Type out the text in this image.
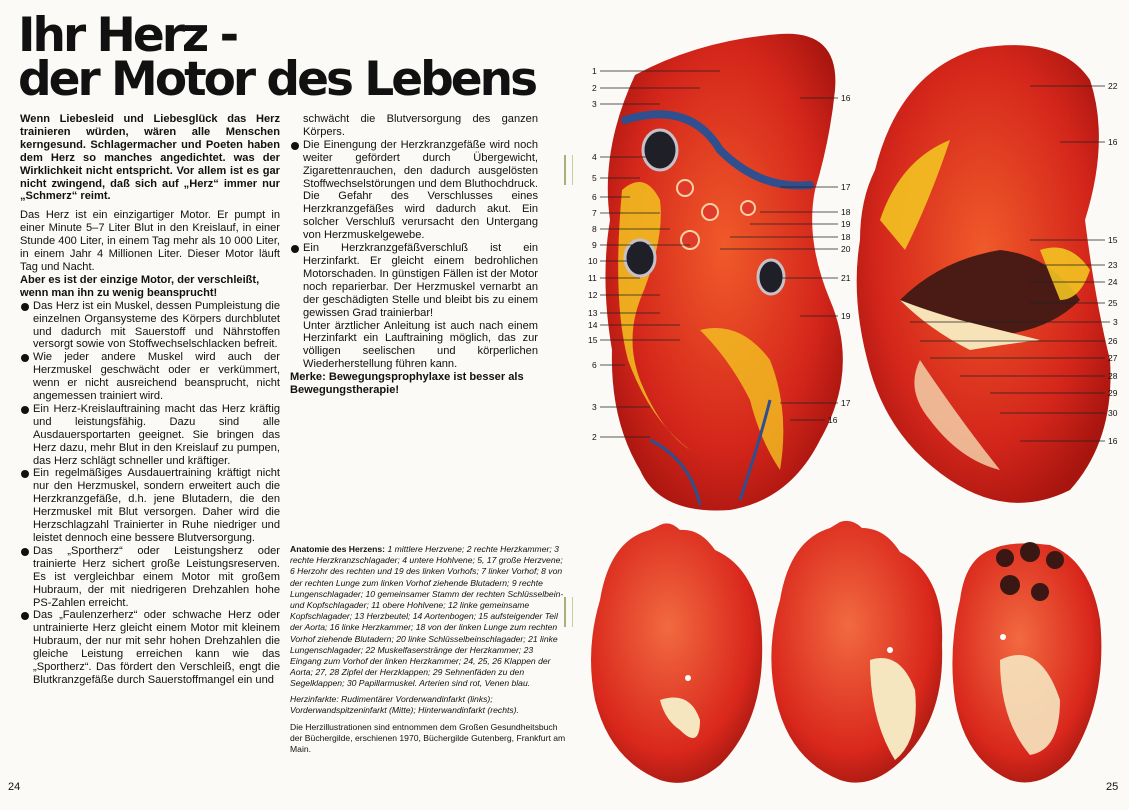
Ihr Herz -
der Motor des Lebens

Wenn Liebesleid und Liebesglück das Herz trainieren würden, wären alle Menschen kerngesund. Schlagermacher und Poeten haben dem Herz so manches angedichtet. was der Wirklichkeit nicht entspricht. Vor allem ist es gar nicht zwingend, daß sich auf „Herz“ immer nur „Schmerz“ reimt.

Das Herz ist ein einzigartiger Motor. Er pumpt in einer Minute 5–7 Liter Blut in den Kreislauf, in einer Stunde 400 Liter, in einem Tag mehr als 10 000 Liter, in einem Jahr 4 Millionen Liter. Dieser Motor läuft Tag und Nacht.

Aber es ist der einzige Motor, der verschleißt, wenn man ihn zu wenig beansprucht!

Das Herz ist ein Muskel, dessen Pumpleistung die einzelnen Organsysteme des Körpers durchblutet und dadurch mit Sauerstoff und Nährstoffen versorgt sowie von Stoffwechselschlacken befreit.
Wie jeder andere Muskel wird auch der Herzmuskel geschwächt oder er verkümmert, wenn er nicht ausreichend beansprucht, nicht angemessen trainiert wird.
Ein Herz-Kreislauftraining macht das Herz kräftig und leistungsfähig. Dazu sind alle Ausdauersportarten geeignet. Sie bringen das Herz dazu, mehr Blut in den Kreislauf zu pumpen, das Herz schlägt schneller und kräftiger.
Ein regelmäßiges Ausdauertraining kräftigt nicht nur den Herzmuskel, sondern erweitert auch die Herzkranzgefäße, d.h. jene Blutadern, die den Herzmuskel mit Blut versorgen. Daher wird die Herzschlagzahl Trainierter in Ruhe niedriger und leistet dennoch eine bessere Blutversorgung.
Das „Sportherz“ oder Leistungsherz oder trainierte Herz sichert große Leistungsreserven. Es ist vergleichbar einem Motor mit großem Hubraum, der mit niedrigeren Drehzahlen hohe PS-Zahlen erreicht.
Das „Faulenzerherz“ oder schwache Herz oder untrainierte Herz gleicht einem Motor mit kleinem Hubraum, der nur mit sehr hohen Drehzahlen die gleiche Leistung erreichen kann wie das „Sportherz“. Das fördert den Verschleiß, engt die Blutkranzgefäße durch Sauerstoffmangel ein und

schwächt die Blutversorgung des ganzen Körpers.

Die Einengung der Herzkranzgefäße wird noch weiter gefördert durch Übergewicht, Zigarettenrauchen, den dadurch ausgelösten Stoffwechselstörungen und dem Bluthochdruck. Die Gefahr des Verschlusses eines Herzkranzgefäßes wird dadurch akut. Ein solcher Verschluß verursacht den Untergang von Herzmuskelgewebe.
Ein Herzkranzgefäßverschluß ist ein Herzinfarkt. Er gleicht einem bedrohlichen Motorschaden. In günstigen Fällen ist der Motor noch reparierbar. Der Herzmuskel vernarbt an der geschädigten Stelle und bleibt bis zu einem gewissen Grad trainierbar!

Unter ärztlicher Anleitung ist auch nach einem Herzinfarkt ein Lauftraining möglich, das zur völligen seelischen und körperlichen Wiederherstellung führen kann.

Merke: Bewegungsprophylaxe ist besser als Bewegungstherapie!

Anatomie des Herzens: 1 mittlere Herzvene; 2 rechte Herzkammer; 3 rechte Herzkranzschlagader; 4 untere Hohlvene; 5, 17 große Herzvene; 6 Herzohr des rechten und 19 des linken Vorhofs; 7 linker Vorhof; 8 von der rechten Lunge zum linken Vorhof ziehende Blutadern; 9 rechte Lungenschlagader; 10 gemeinsamer Stamm der rechten Schlüsselbein- und Kopfschlagader; 11 obere Hohlvene; 12 linke gemeinsame Kopfschlagader; 13 Herzbeutel; 14 Aortenbogen; 15 aufsteigender Teil der Aorta; 16 linke Herzkammer; 18 von der linken Lunge zum rechten Vorhof ziehende Blutadern; 20 linke Schlüsselbeinschlagader; 21 linke Lungenschlagader; 22 Muskelfaserstränge der Herzkammer; 23 Eingang zum Vorhof der linken Herzkammer; 24, 25, 26 Klappen der Aorta; 27, 28 Zipfel der Herzklappen; 29 Sehnenfäden zu den Segelklappen; 30 Papillarmuskel. Arterien sind rot, Venen blau.

Herzinfarkte: Rudimentärer Vorderwandinfarkt (links); Vorderwandspitzeninfarkt (Mitte); Hinterwandinfarkt (rechts).

Die Herzillustrationen sind entnommen dem Großen Gesundheitsbuch der Büchergilde, erschienen 1970, Büchergilde Gutenberg, Frankfurt am Main.

1
2
3
4
5
6
7
8
9
10
11
12
13
14
15
6
3
2
16
17
18
19
18
20
21
19
17
16
22
16
15
23
24
25
3
26
27
28
29
30
16
24	25
